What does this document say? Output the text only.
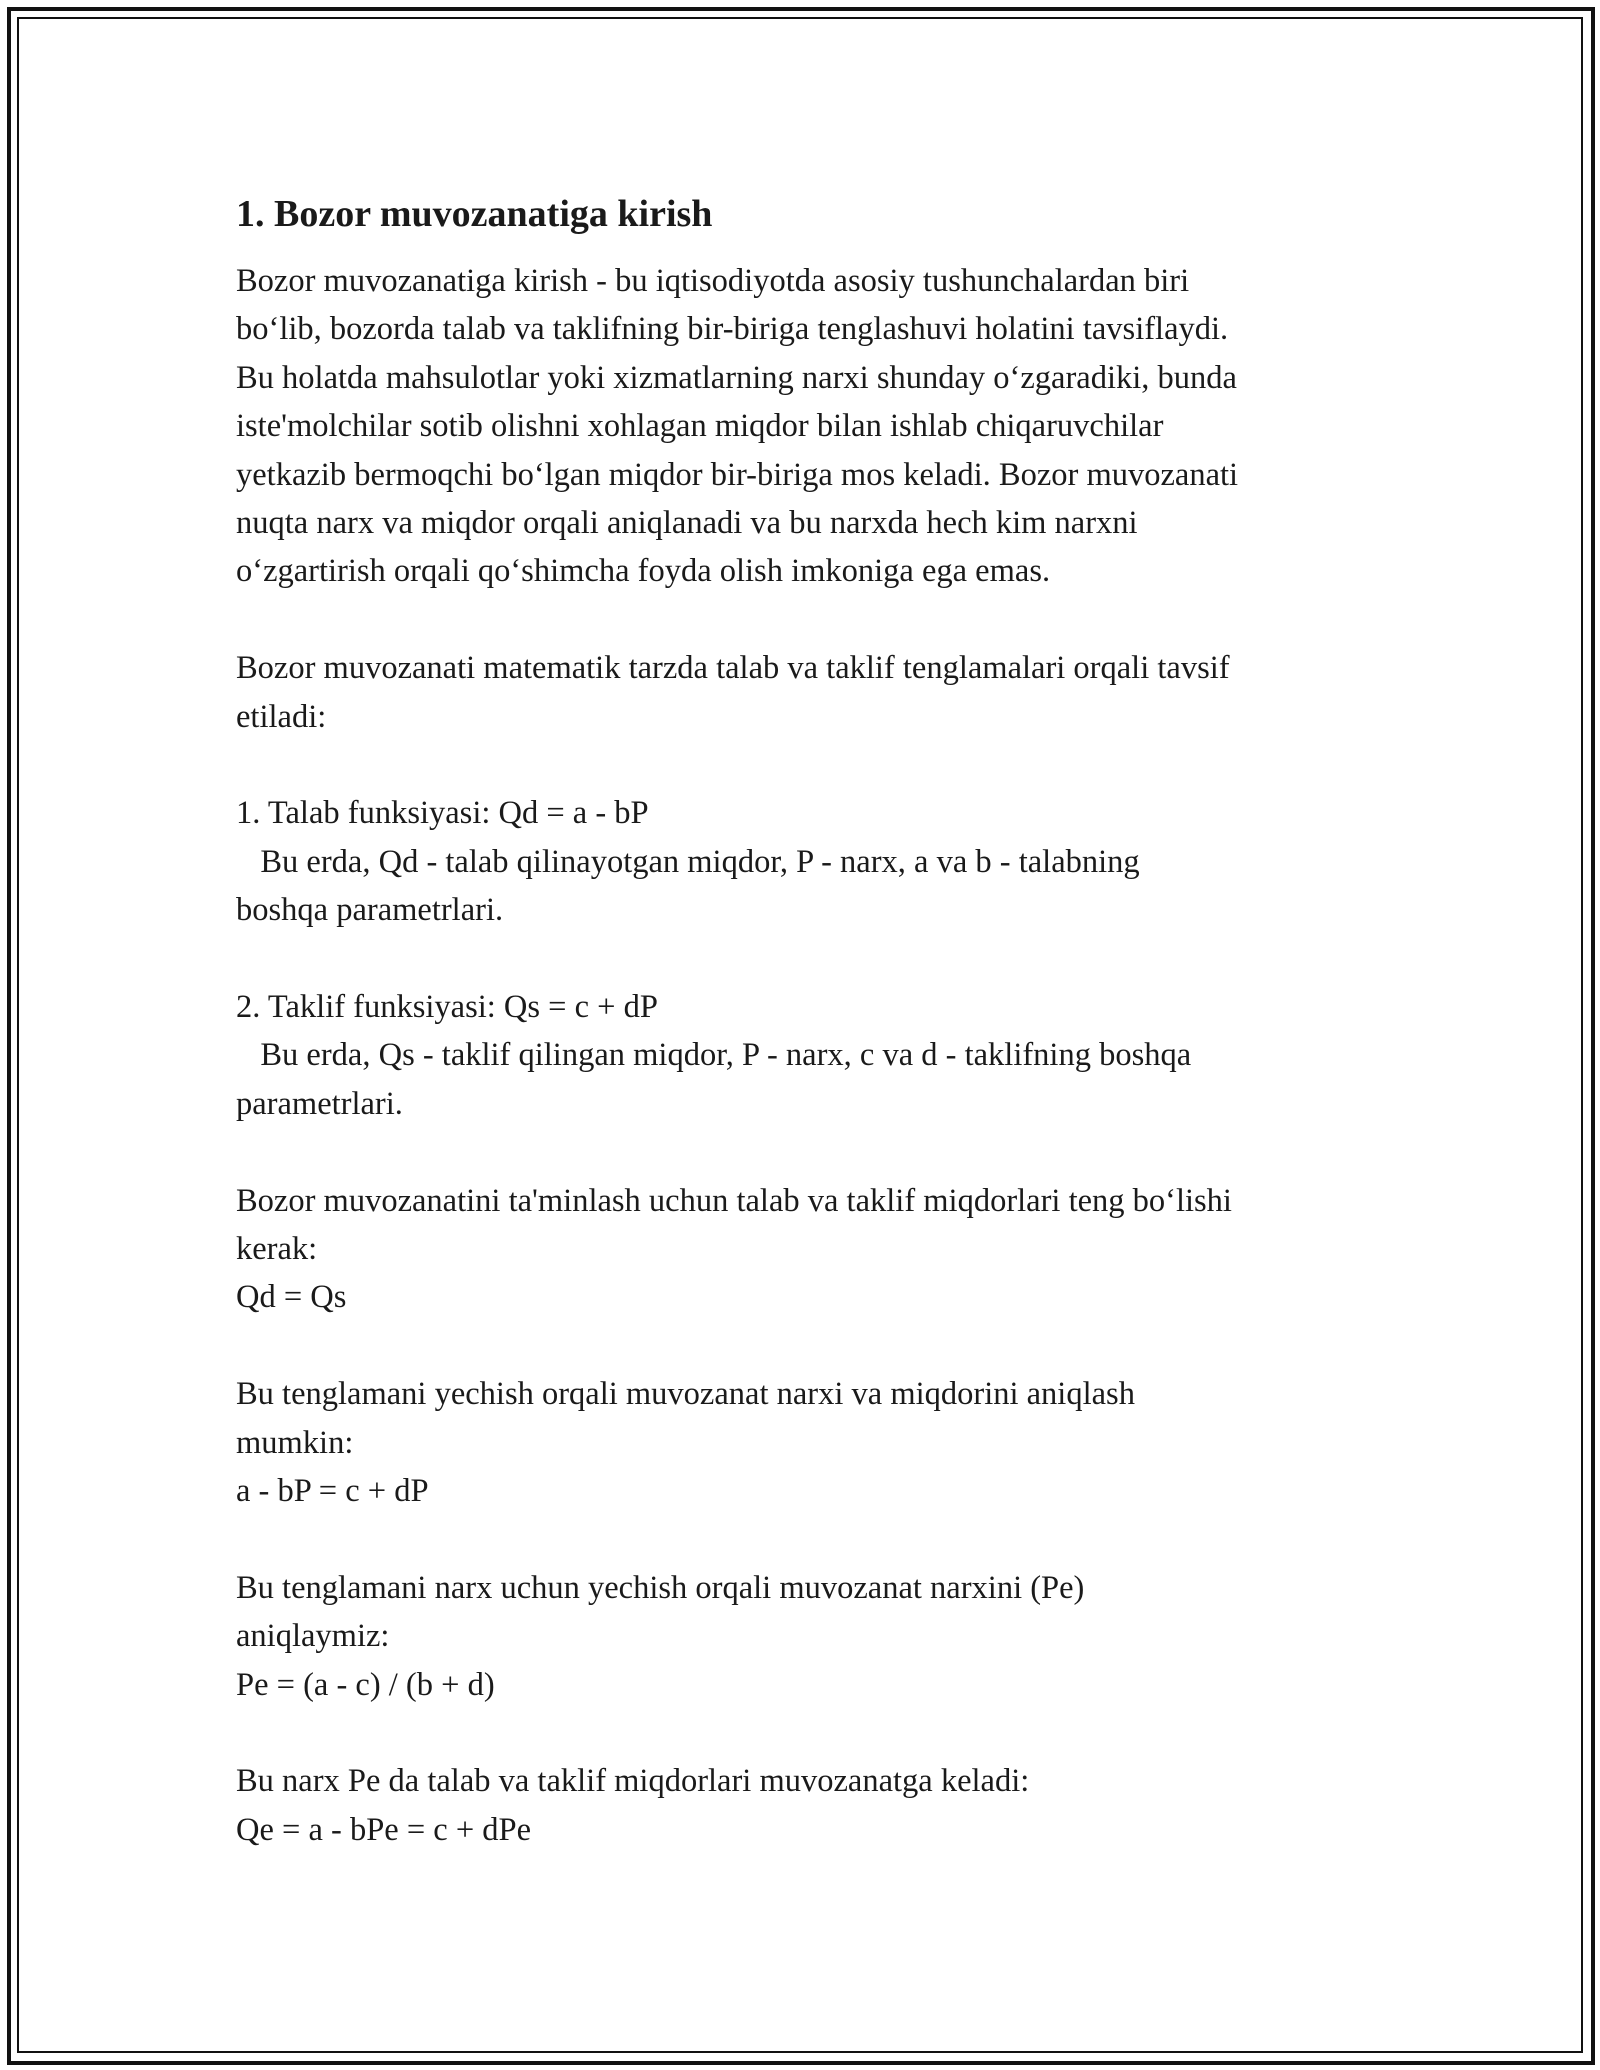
1. Bozor muvozanatiga kirish

Bozor muvozanatiga kirish - bu iqtisodiyotda asosiy tushunchalardan biri
bo‘lib, bozorda talab va taklifning bir-biriga tenglashuvi holatini tavsiflaydi.
Bu holatda mahsulotlar yoki xizmatlarning narxi shunday o‘zgaradiki, bunda
iste'molchilar sotib olishni xohlagan miqdor bilan ishlab chiqaruvchilar
yetkazib bermoqchi bo‘lgan miqdor bir-biriga mos keladi. Bozor muvozanati
nuqta narx va miqdor orqali aniqlanadi va bu narxda hech kim narxni
o‘zgartirish orqali qo‘shimcha foyda olish imkoniga ega emas.

Bozor muvozanati matematik tarzda talab va taklif tenglamalari orqali tavsif
etiladi:

1. Talab funksiyasi: Qd = a - bP
Bu erda, Qd - talab qilinayotgan miqdor, P - narx, a va b - talabning
boshqa parametrlari.

2. Taklif funksiyasi: Qs = c + dP
Bu erda, Qs - taklif qilingan miqdor, P - narx, c va d - taklifning boshqa
parametrlari.

Bozor muvozanatini ta'minlash uchun talab va taklif miqdorlari teng bo‘lishi
kerak:
Qd = Qs

Bu tenglamani yechish orqali muvozanat narxi va miqdorini aniqlash
mumkin:
a - bP = c + dP

Bu tenglamani narx uchun yechish orqali muvozanat narxini (Pe)
aniqlaymiz:
Pe = (a - c) / (b + d)

Bu narx Pe da talab va taklif miqdorlari muvozanatga keladi:
Qe = a - bPe = c + dPe
